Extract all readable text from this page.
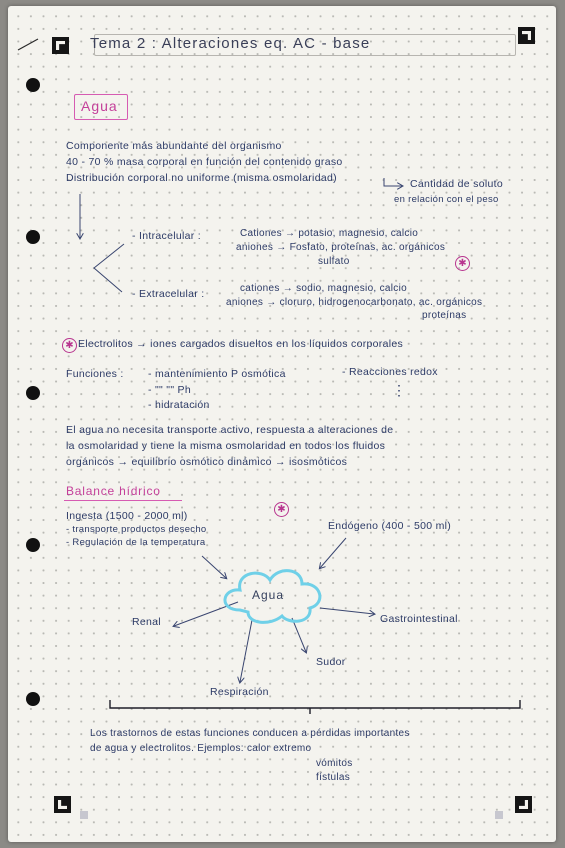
Tema 2 : Alteraciones eq. AC - base
Agua
Componente más abundante del organismo
40 - 70 % masa corporal en función del contenido graso
Distribución corporal no uniforme (misma osmolaridad)	Cantidad de soluto
en relación con el peso
- Intracelular :	Cationes → potasio, magnesio, calcio
aniones → Fosfato, proteínas, ac. orgánicos
sulfato	✱
- Extracelular :	cationes → sodio, magnesio, calcio
aniones → cloruro, hidrogenocarbonato, ac. orgánicos
proteínas
✱ Electrolitos → iones cargados disueltos en los líquidos corporales
Funciones : - mantenimiento P osmótica
- "" "" Ph
- hidratación
- Reacciones redox
⋮
El agua no necesita transporte activo, respuesta a alteraciones de
la osmolaridad y tiene la misma osmolaridad en todos los fluidos
orgánicos → equilibrio osmótico dinámico → isosmóticos
Balance hídrico
✱
Ingesta (1500 - 2000 ml)
- transporte productos desecho
- Regulación de la temperatura
Endógeno (400 - 500 ml)
Agua
Renal	Gastrointestinal
Sudor
Respiración
Los trastornos de estas funciones conducen a pérdidas importantes
de agua y electrolitos. Ejemplos: calor extremo
vómitos
fístulas
